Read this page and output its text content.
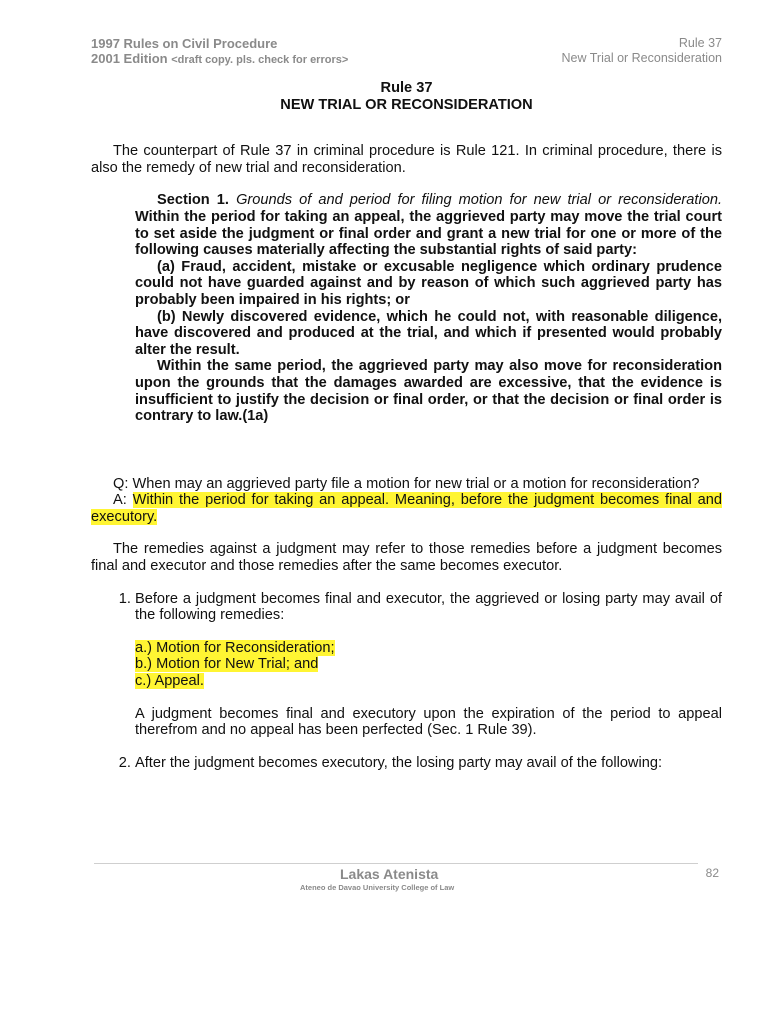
1997 Rules on Civil Procedure
2001 Edition <draft copy. pls. check for errors>
Rule 37
New Trial or Reconsideration
Rule 37
NEW TRIAL OR RECONSIDERATION

The counterpart of Rule 37 in criminal procedure is Rule 121. In criminal procedure, there is also the remedy of new trial and reconsideration.

Section 1. Grounds of and period for filing motion for new trial or reconsideration. Within the period for taking an appeal, the aggrieved party may move the trial court to set aside the judgment or final order and grant a new trial for one or more of the following causes materially affecting the substantial rights of said party:

(a) Fraud, accident, mistake or excusable negligence which ordinary prudence could not have guarded against and by reason of which such aggrieved party has probably been impaired in his rights; or

(b) Newly discovered evidence, which he could not, with reasonable diligence, have discovered and produced at the trial, and which if presented would probably alter the result.

Within the same period, the aggrieved party may also move for reconsideration upon the grounds that the damages awarded are excessive, that the evidence is insufficient to justify the decision or final order, or that the decision or final order is contrary to law.(1a)

Q: When may an aggrieved party file a motion for new trial or a motion for reconsideration?

A: Within the period for taking an appeal. Meaning, before the judgment becomes final and executory.

The remedies against a judgment may refer to those remedies before a judgment becomes final and executor and those remedies after the same becomes executor.

1. Before a judgment becomes final and executor, the aggrieved or losing party may avail of the following remedies:
a.) Motion for Reconsideration;
b.) Motion for New Trial; and
c.) Appeal.

A judgment becomes final and executory upon the expiration of the period to appeal therefrom and no appeal has been perfected (Sec. 1 Rule 39).

2. After the judgment becomes executory, the losing party may avail of the following:
Lakas Atenista
Ateneo de Davao University College of Law
82
